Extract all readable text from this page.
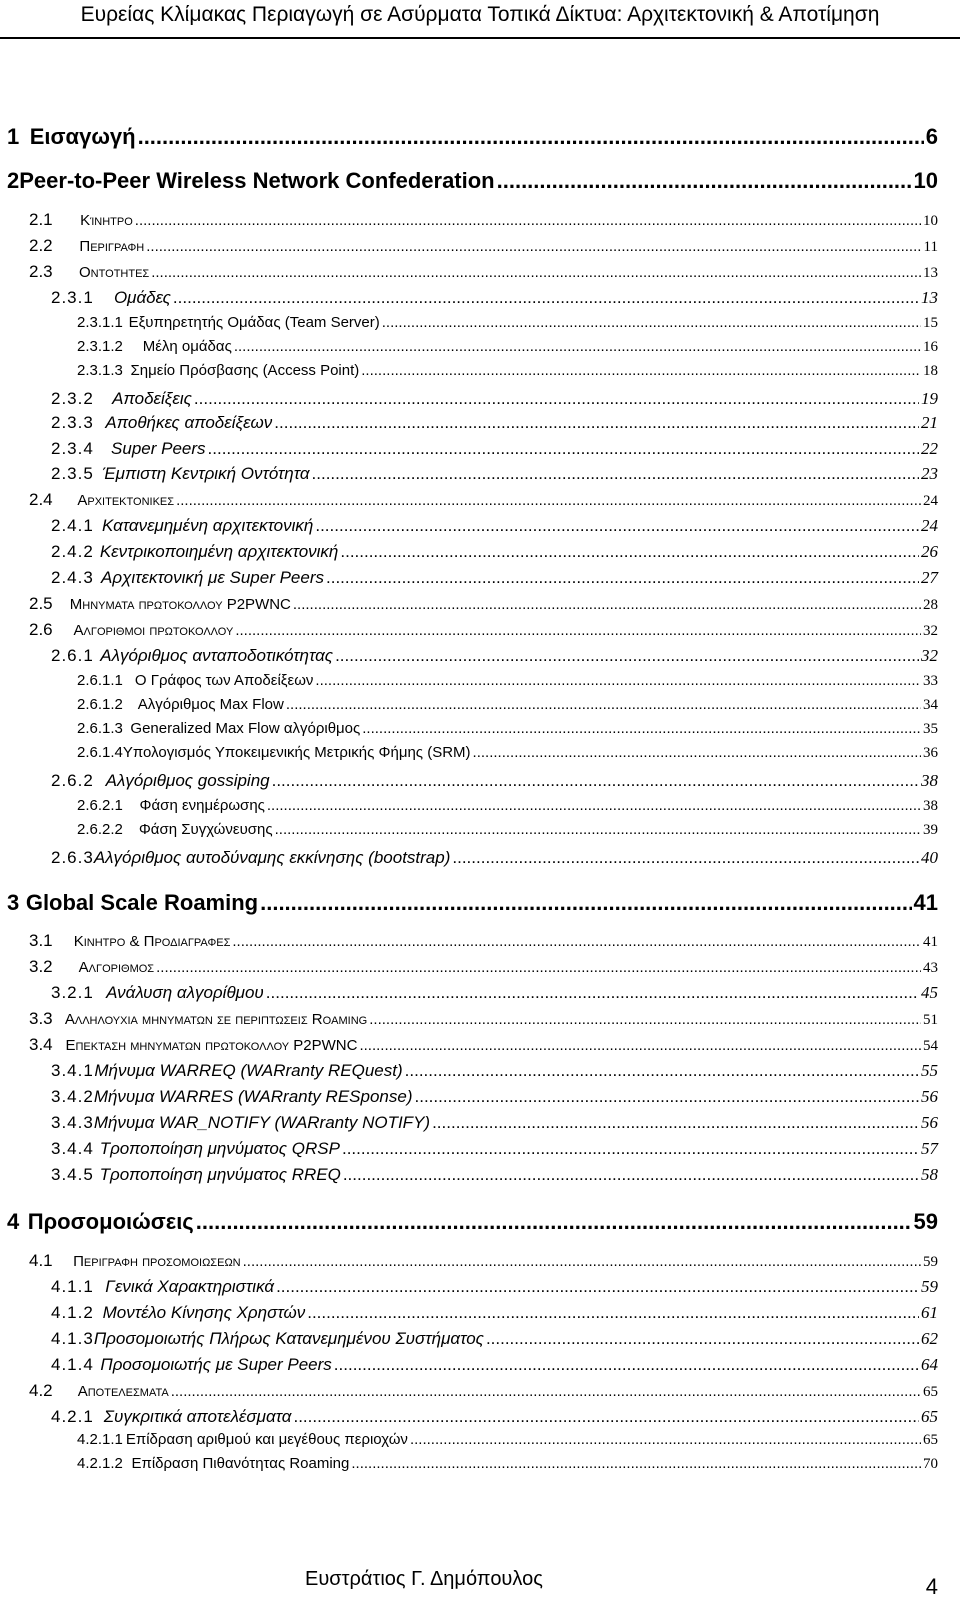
Ευρείας Κλίμακας Περιαγωγή σε Ασύρματα Τοπικά Δίκτυα: Αρχιτεκτονική & Αποτίμηση
1 Εισαγωγή .....	6
2 Peer-to-Peer Wireless Network Confederation .....	10
2.1	Κίνητρο .....	10
2.2	Περιγραφη .....	11
2.3	Οντοτητες .....	13
2.3.1	Ομάδες .....	13
2.3.1.1 Εξυπηρετητής Ομάδας (Team Server) .....	15
2.3.1.2	Μέλη ομάδας .....	16
2.3.1.3 Σημείο Πρόσβασης (Access Point) .....	18
2.3.2	Αποδείξεις .....	19
2.3.3 Αποθήκες αποδείξεων .....	21
2.3.4	Super Peers .....	22
2.3.5 Έμπιστη Κεντρική Οντότητα .....	23
2.4	Αρχιτεκτονικες .....	24
2.4.1 Κατανεμημένη αρχιτεκτονική .....	24
2.4.2 Κεντρικοποιημένη αρχιτεκτονική .....	26
2.4.3 Αρχιτεκτονική με Super Peers .....	27
2.5	Μηνυματα πρωτοκολλου P2PWNC .....	28
2.6	Αλγοριθμοι πρωτοκολλου .....	32
2.6.1 Αλγόριθμος ανταποδοτικότητας .....	32
2.6.1.1 Ο Γράφος των Αποδείξεων .....	33
2.6.1.2 Αλγόριθμος Max Flow .....	34
2.6.1.3 Generalized Max Flow αλγόριθμος .....	35
2.6.1.4 Υπολογισμός Υποκειμενικής Μετρικής Φήμης (SRM) .....	36
2.6.2 Αλγόριθμος gossiping .....	38
2.6.2.1	Φάση ενημέρωσης .....	38
2.6.2.2	Φάση Συγχώνευσης .....	39
2.6.3 Αλγόριθμος αυτοδύναμης εκκίνησης (bootstrap) .....	40
3 Global Scale Roaming .....	41
3.1	Κινητρο & Προδιαγραφες .....	41
3.2	Αλγοριθμος .....	43
3.2.1 Ανάλυση αλγορίθμου .....	45
3.3 Αλληλουχια μηνυματων σε περιπτωσεις Roaming .....	51
3.4 Επεκταση μηνυματων πρωτοκολλου P2PWNC .....	54
3.4.1 Μήνυμα WARREQ (WARranty REQuest) .....	55
3.4.2 Μήνυμα WARRES (WARranty RESponse) .....	56
3.4.3 Μήνυμα WAR_NOTIFY (WARranty NOTIFY) .....	56
3.4.4 Τροποποίηση μηνύματος QRSP .....	57
3.4.5 Τροποποίηση μηνύματος RREQ .....	58
4 Προσομοιώσεις .....	59
4.1	Περιγραφη προσομοιωσεων .....	59
4.1.1 Γενικά Χαρακτηριστικά .....	59
4.1.2 Μοντέλο Κίνησης Χρηστών .....	61
4.1.3 Προσομοιωτής Πλήρως Κατανεμημένου Συστήματος .....	62
4.1.4 Προσομοιωτής με Super Peers .....	64
4.2	Αποτελεσματα .....	65
4.2.1 Συγκριτικά αποτελέσματα .....	65
4.2.1.1 Επίδραση αριθμού και μεγέθους περιοχών .....	65
4.2.1.2 Επίδραση Πιθανότητας Roaming .....	70
Ευστράτιος Γ. Δημόπουλος	4
